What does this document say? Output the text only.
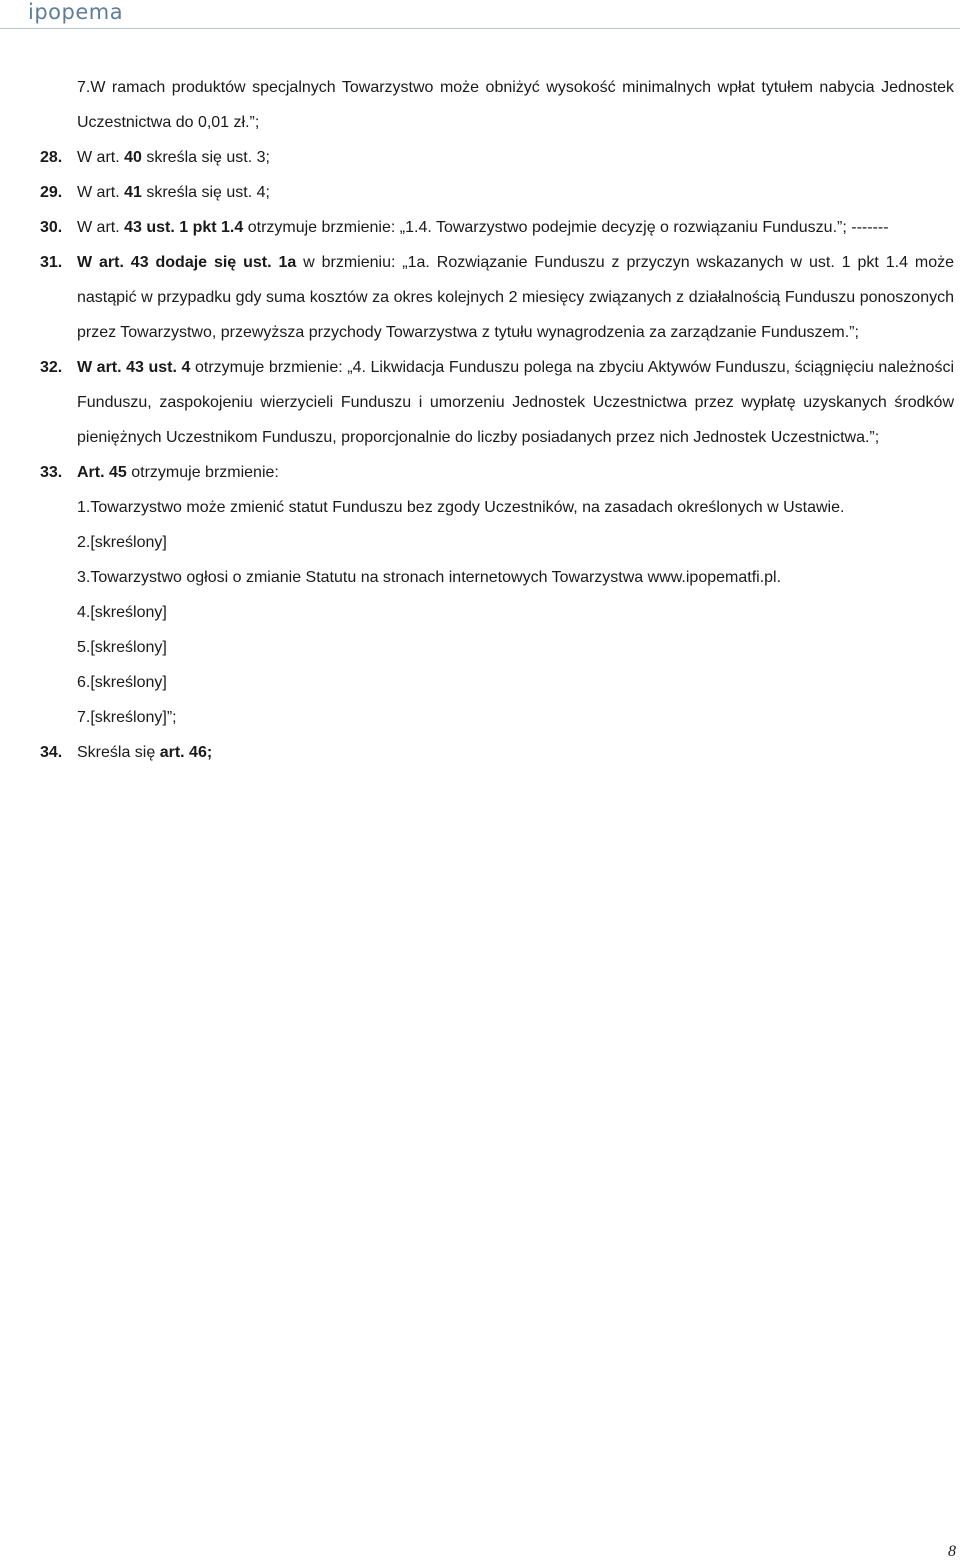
ipopema
7.W ramach produktów specjalnych Towarzystwo może obniżyć wysokość minimalnych wpłat tytułem nabycia Jednostek Uczestnictwa do 0,01 zł.”;
28. W art. 40 skreśla się ust. 3;
29. W art. 41 skreśla się ust. 4;
30. W art. 43 ust. 1 pkt 1.4 otrzymuje brzmienie: „1.4. Towarzystwo podejmie decyzję o rozwiązaniu Funduszu.”; -------
31. W art. 43 dodaje się ust. 1a w brzmieniu: „1a. Rozwiązanie Funduszu z przyczyn wskazanych w ust. 1 pkt 1.4 może nastąpić w przypadku gdy suma kosztów za okres kolejnych 2 miesięcy związanych z działalnością Funduszu ponoszonych przez Towarzystwo, przewyższa przychody Towarzystwa z tytułu wynagrodzenia za zarządzanie Funduszem.”;
32. W art. 43 ust. 4 otrzymuje brzmienie: „4. Likwidacja Funduszu polega na zbyciu Aktywów Funduszu, ściągnięciu należności Funduszu, zaspokojeniu wierzycieli Funduszu i umorzeniu Jednostek Uczestnictwa przez wypłatę uzyskanych środków pieniężnych Uczestnikom Funduszu, proporcjonalnie do liczby posiadanych przez nich Jednostek Uczestnictwa.”;
33. Art. 45 otrzymuje brzmienie:
1.Towarzystwo może zmienić statut Funduszu bez zgody Uczestników, na zasadach określonych w Ustawie.
2.[skreślony]
3.Towarzystwo ogłosi o zmianie Statutu na stronach internetowych Towarzystwa www.ipopematfi.pl.
4.[skreślony]
5.[skreślony]
6.[skreślony]
7.[skreślony]”;
34. Skreśla się art. 46;
8
